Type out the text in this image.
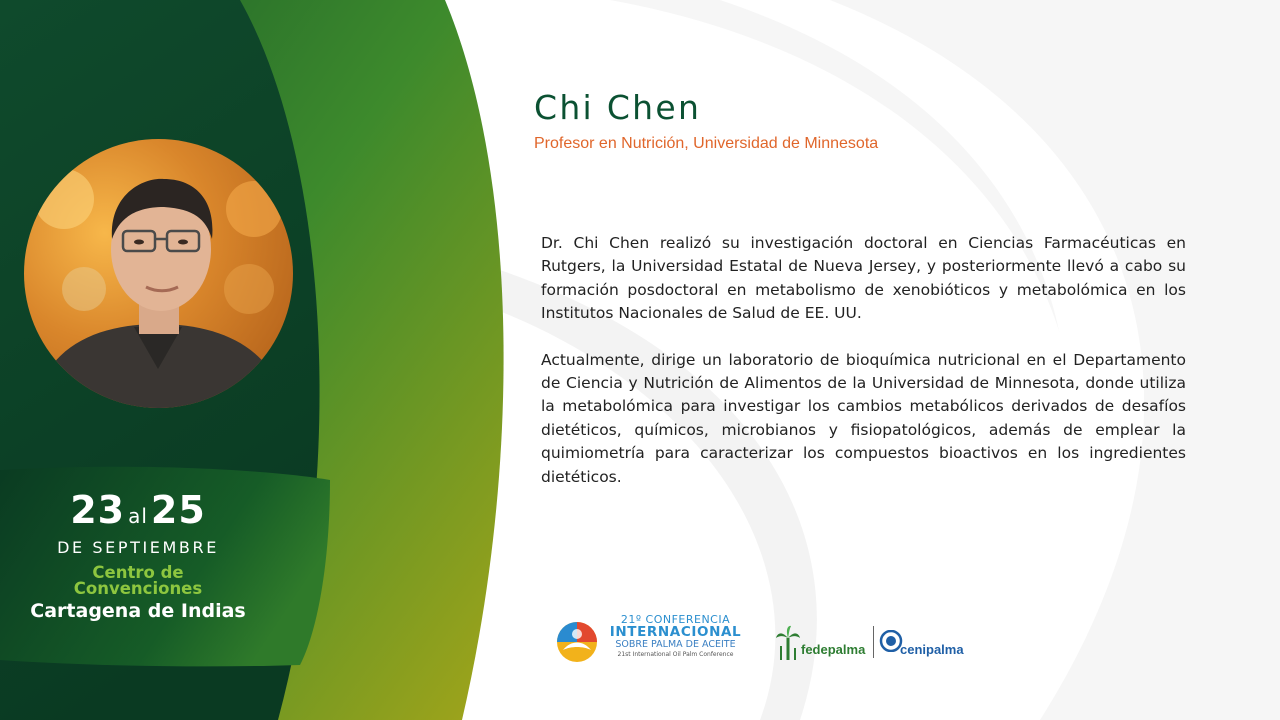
23 al25
DE SEPTIEMBRE
Centro de
Convenciones
Cartagena de Indias
Chi Chen
Profesor en Nutrición, Universidad de Minnesota

Dr. Chi Chen realizó su investigación doctoral en Ciencias Farmacéuticas en Rutgers, la Universidad Estatal de Nueva Jersey, y posteriormente llevó a cabo su formación posdoctoral en metabolismo de xenobióticos y metabolómica en los Institutos Nacionales de Salud de EE. UU.

Actualmente, dirige un laboratorio de bioquímica nutricional en el Departamento de Ciencia y Nutrición de Alimentos de la Universidad de Minnesota, donde utiliza la metabolómica para investigar los cambios metabólicos derivados de desafíos dietéticos, químicos, microbianos y fisiopatológicos, además de emplear la quimiometría para caracterizar los compuestos bioactivos en los ingredientes dietéticos.

21º CONFERENCIA
INTERNACIONAL
SOBRE PALMA DE ACEITE
21st International Oil Palm Conference	fedepalma	cenipalma
